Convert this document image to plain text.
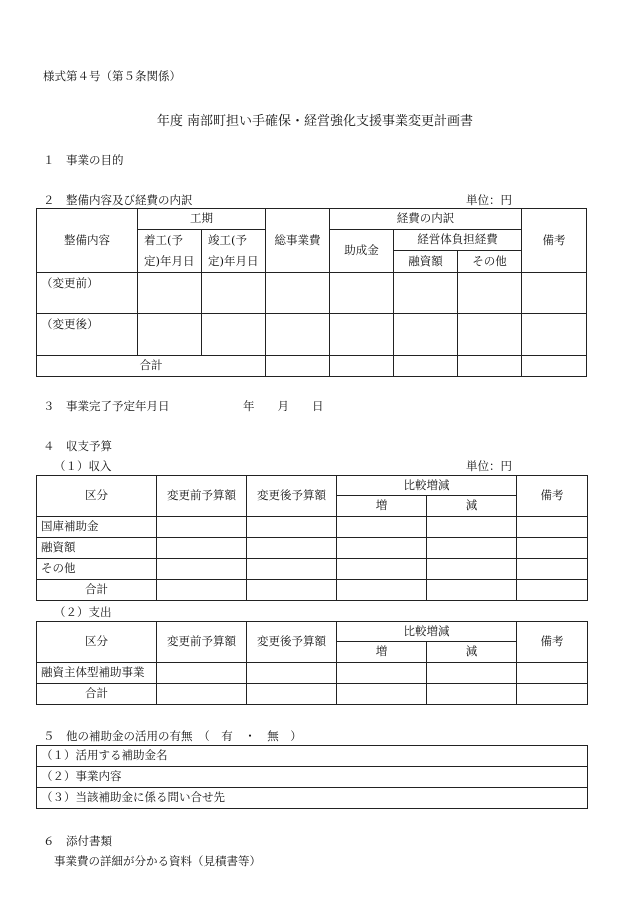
様式第４号（第５条関係）
年度 南部町担い手確保・経営強化支援事業変更計画書
１　事業の目的
２　整備内容及び経費の内訳	単位：円
整備内容	工期		総事業費	経費の内訳			備考
	着工(予定)年月日	竣工(予定)年月日		助成金	経営体負担経費		
					融資額	その他	
（変更前）							
（変更後）							
合計							
３　事業完了予定年月日	年　　月　　日
４　収支予算
（１）収入	単位：円
区分	変更前予算額	変更後予算額	比較増減		備考
			増	減	
国庫補助金					
融資額					
その他					
合計					
（２）支出
区分	変更前予算額	変更後予算額	比較増減		備考
			増	減	
融資主体型補助事業					
合計					
５　他の補助金の活用の有無　（　有　・　無　）
（１）活用する補助金名
（２）事業内容
（３）当該補助金に係る問い合せ先
６　添付書類
事業費の詳細が分かる資料（見積書等）
